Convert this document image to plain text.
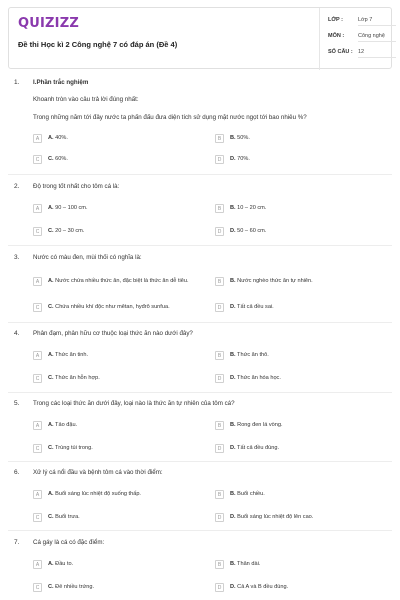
QUIZIZZ
Đề thi Học kì 2 Công nghệ 7 có đáp án (Đề 4)
LỚP :	Lớp 7
MÔN :	Công nghệ
SỐ CÂU : 12
1. I.Phần trắc nghiệm
Khoanh tròn vào câu trả lời đúng nhất:
Trong những năm tới đây nước ta phấn đấu đưa diện tích sử dụng mặt nước ngọt tới bao nhiêu %?
A	A. 40%.	B	B. 50%.
C	C. 60%.	D	D. 70%.
2. Độ trong tốt nhất cho tôm cá là:
A	A. 90 – 100 cm.	B	B. 10 – 20 cm.
C	C. 20 – 30 cm.	D	D. 50 – 60 cm.
3. Nước có màu đen, mùi thối có nghĩa là:
A	A. Nước chứa nhiều thức ăn, đặc biệt là thức ăn dễ tiêu.	B	B. Nước nghèo thức ăn tự nhiên.
C	C. Chứa nhiều khí độc như mêtan, hyđrô sunfua.	D	D. Tất cả đều sai.
4. Phân đạm, phân hữu cơ thuộc loại thức ăn nào dưới đây?
A	A. Thức ăn tinh.	B	B. Thức ăn thô.
C	C. Thức ăn hỗn hợp.	D	D. Thức ăn hóa học.
5. Trong các loại thức ăn dưới đây, loại nào là thức ăn tự nhiên của tôm cá?
A	A. Tảo đậu.	B	B. Rong đen lá vòng.
C	C. Trùng túi trong.	D	D. Tất cả đều đúng.
6. Xử lý cá nổi đầu và bệnh tôm cá vào thời điểm:
A	A. Buổi sáng lúc nhiệt độ xuống thấp.	B	B. Buổi chiều.
C	C. Buổi trưa.	D	D. Buổi sáng lúc nhiệt độ lên cao.
7. Cá gáy là cá có đặc điểm:
A	A. Đầu to.	B	B. Thân dài.
C	C. Đẻ nhiều trứng.	D	D. Cả A và B đều đúng.
